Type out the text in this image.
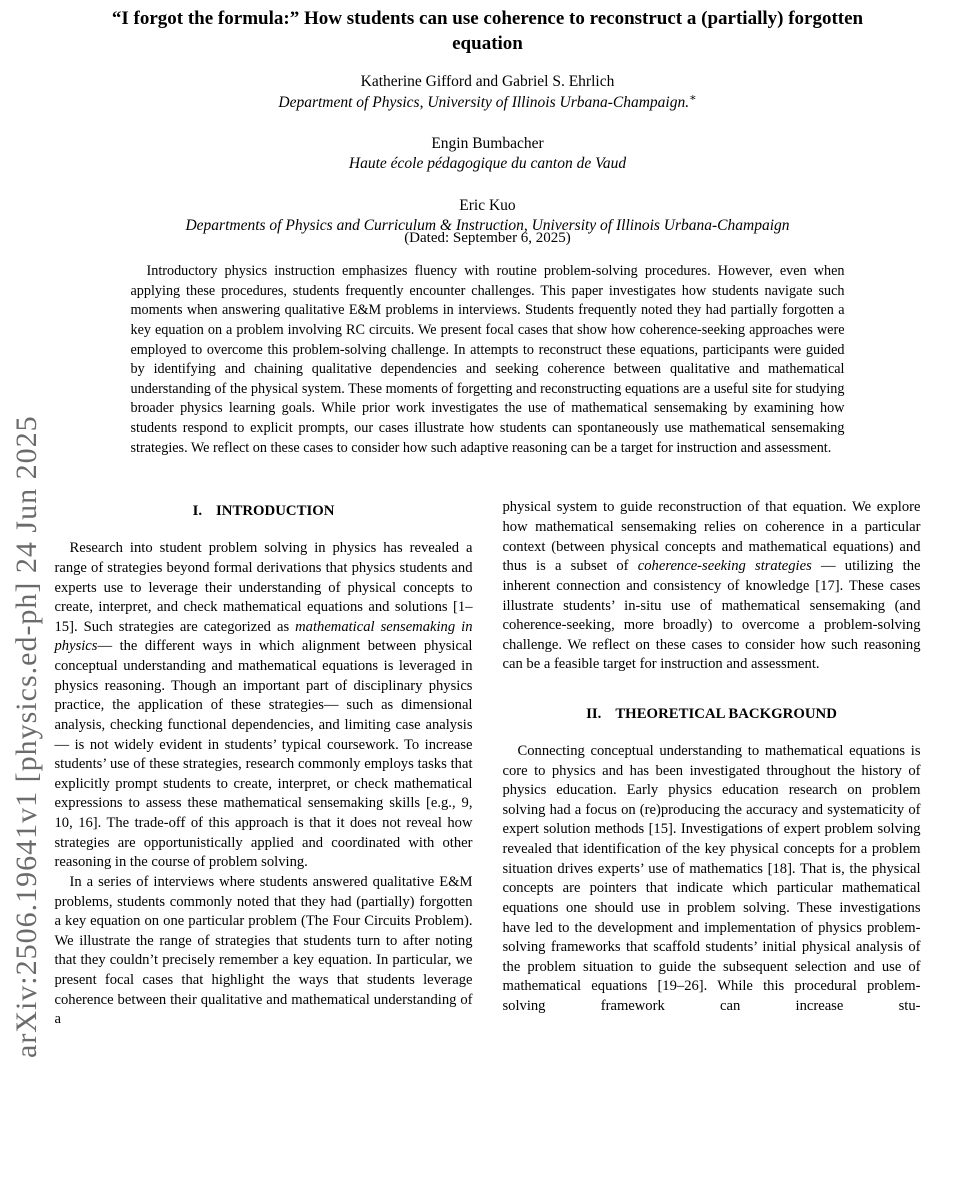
arXiv:2506.19641v1 [physics.ed-ph] 24 Jun 2025
“I forgot the formula:” How students can use coherence to reconstruct a (partially) forgotten equation
Katherine Gifford and Gabriel S. Ehrlich
Department of Physics, University of Illinois Urbana-Champaign.∗
Engin Bumbacher
Haute école pédagogique du canton de Vaud
Eric Kuo
Departments of Physics and Curriculum & Instruction, University of Illinois Urbana-Champaign
(Dated: September 6, 2025)
Introductory physics instruction emphasizes fluency with routine problem-solving procedures. However, even when applying these procedures, students frequently encounter challenges. This paper investigates how students navigate such moments when answering qualitative E&M problems in interviews. Students frequently noted they had partially forgotten a key equation on a problem involving RC circuits. We present focal cases that show how coherence-seeking approaches were employed to overcome this problem-solving challenge. In attempts to reconstruct these equations, participants were guided by identifying and chaining qualitative dependencies and seeking coherence between qualitative and mathematical understanding of the physical system. These moments of forgetting and reconstructing equations are a useful site for studying broader physics learning goals. While prior work investigates the use of mathematical sensemaking by examining how students respond to explicit prompts, our cases illustrate how students can spontaneously use mathematical sensemaking strategies. We reflect on these cases to consider how such adaptive reasoning can be a target for instruction and assessment.
I. INTRODUCTION

Research into student problem solving in physics has revealed a range of strategies beyond formal derivations that physics students and experts use to leverage their understanding of physical concepts to create, interpret, and check mathematical equations and solutions [1–15]. Such strategies are categorized as mathematical sensemaking in physics— the different ways in which alignment between physical conceptual understanding and mathematical equations is leveraged in physics reasoning. Though an important part of disciplinary physics practice, the application of these strategies— such as dimensional analysis, checking functional dependencies, and limiting case analysis— is not widely evident in students’ typical coursework. To increase students’ use of these strategies, research commonly employs tasks that explicitly prompt students to create, interpret, or check mathematical expressions to assess these mathematical sensemaking skills [e.g., 9, 10, 16]. The trade-off of this approach is that it does not reveal how strategies are opportunistically applied and coordinated with other reasoning in the course of problem solving.

In a series of interviews where students answered qualitative E&M problems, students commonly noted that they had (partially) forgotten a key equation on one particular problem (The Four Circuits Problem). We illustrate the range of strategies that students turn to after noting that they couldn’t precisely remember a key equation. In particular, we present focal cases that highlight the ways that students leverage coherence between their qualitative and mathematical understanding of a

physical system to guide reconstruction of that equation. We explore how mathematical sensemaking relies on coherence in a particular context (between physical concepts and mathematical equations) and thus is a subset of coherence-seeking strategies — utilizing the inherent connection and consistency of knowledge [17]. These cases illustrate students’ in-situ use of mathematical sensemaking (and coherence-seeking, more broadly) to overcome a problem-solving challenge. We reflect on these cases to consider how such reasoning can be a feasible target for instruction and assessment.

II. THEORETICAL BACKGROUND

Connecting conceptual understanding to mathematical equations is core to physics and has been investigated throughout the history of physics education. Early physics education research on problem solving had a focus on (re)producing the accuracy and systematicity of expert solution methods [15]. Investigations of expert problem solving revealed that identification of the key physical concepts for a problem situation drives experts’ use of mathematics [18]. That is, the physical concepts are pointers that indicate which particular mathematical equations one should use in problem solving. These investigations have led to the development and implementation of physics problem-solving frameworks that scaffold students’ initial physical analysis of the problem situation to guide the subsequent selection and use of mathematical equations [19–26]. While this procedural problem-solving framework can increase stu-
